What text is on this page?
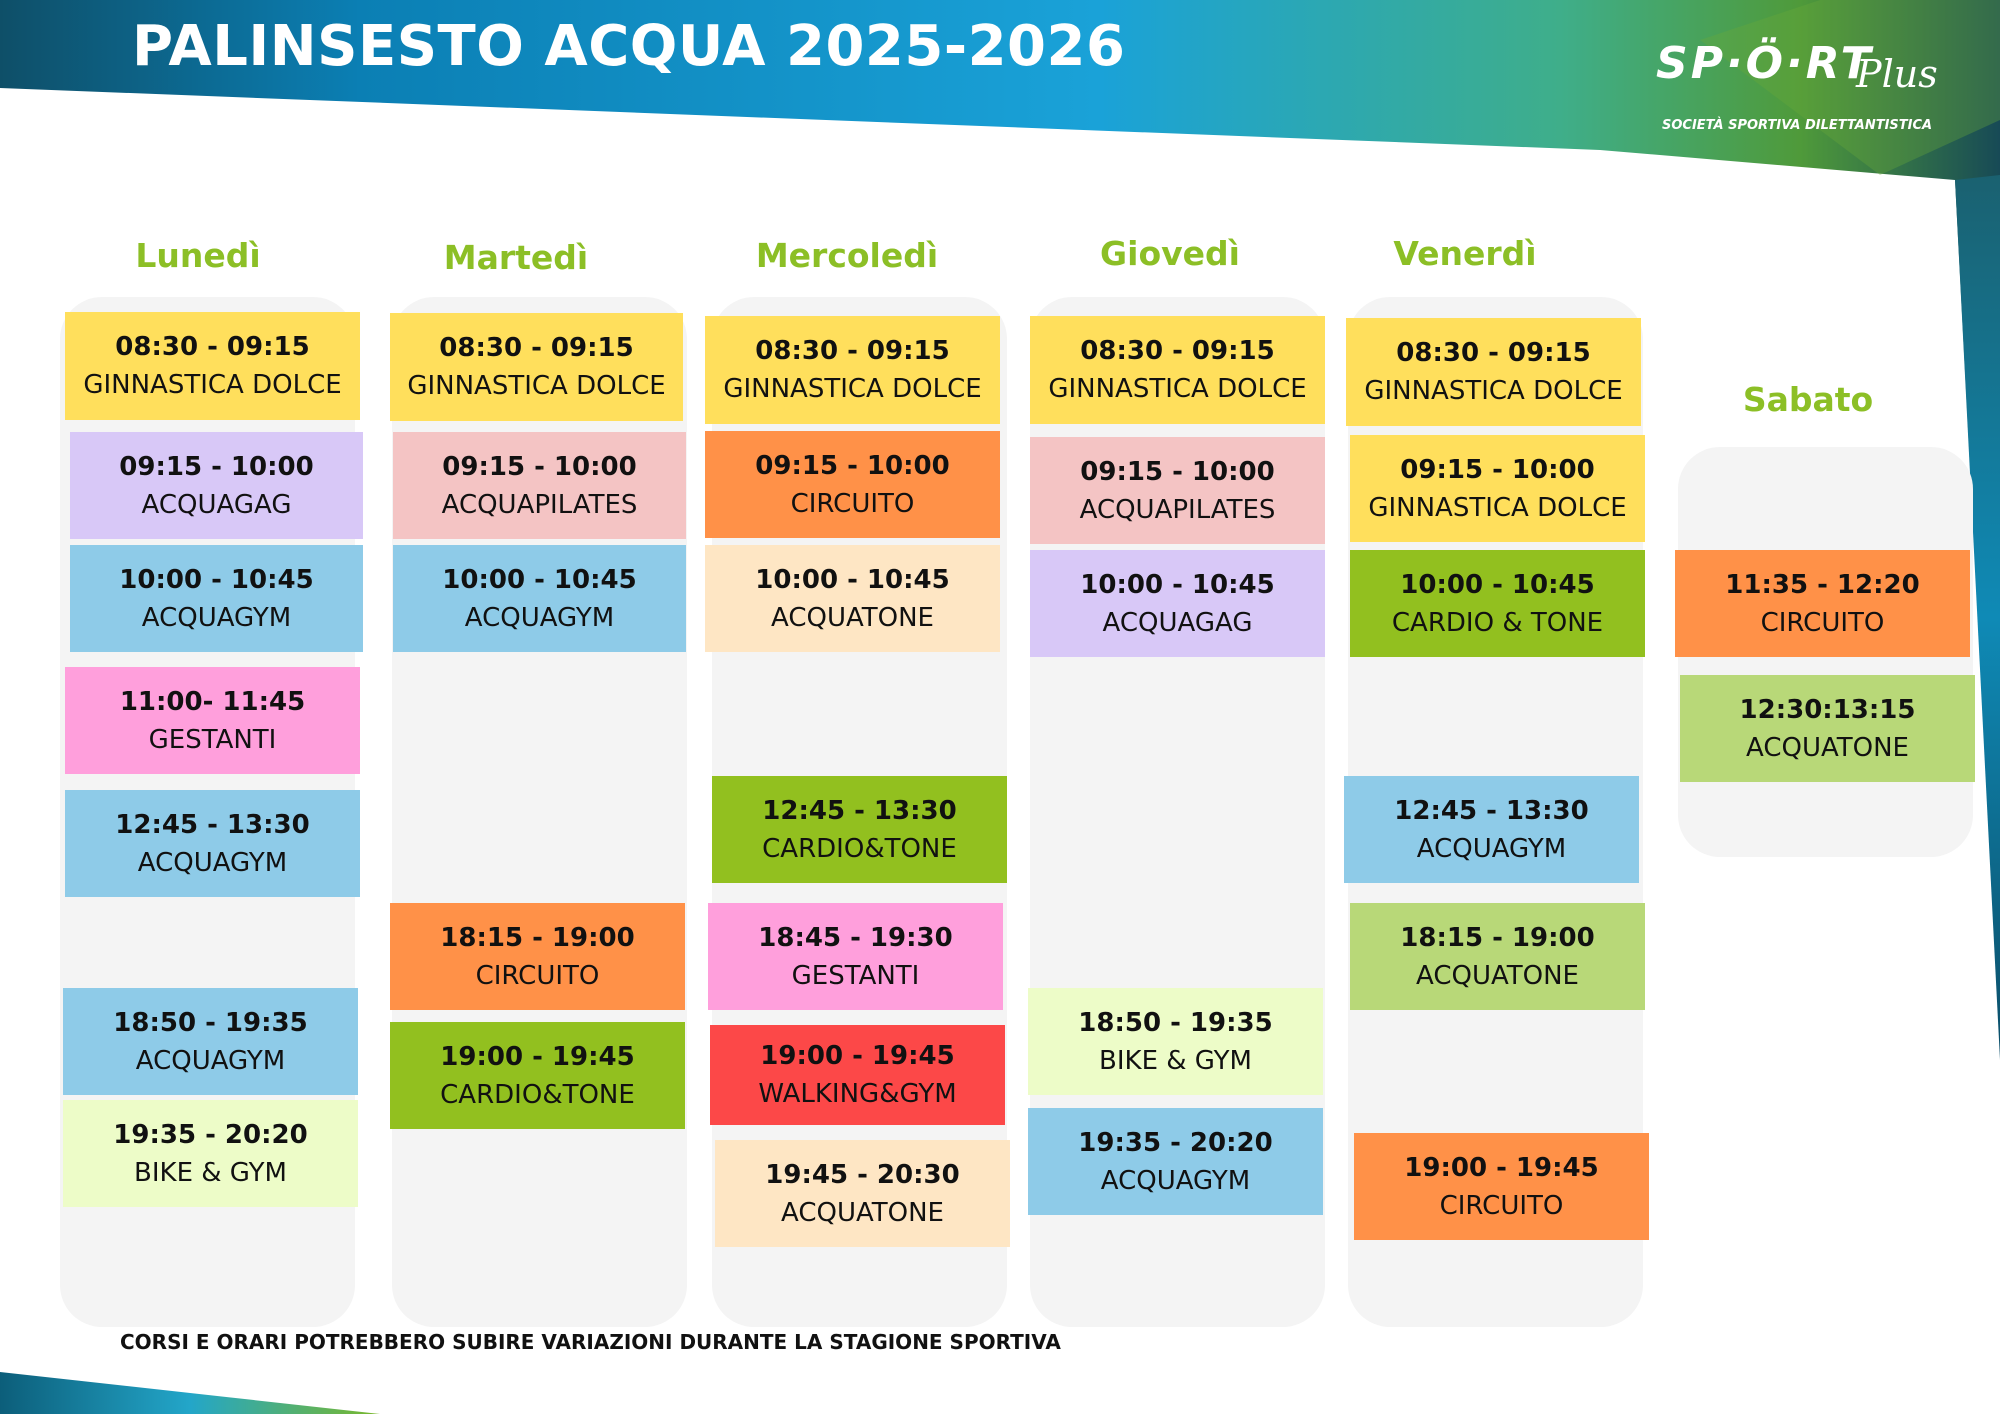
PALINSESTO ACQUA 2025-2026	SP·Ö·RT
Plus
SOCIETÀ SPORTIVA DILETTANTISTICA
Lunedì
08:30 - 09:15
GINNASTICA DOLCE
09:15 - 10:00
ACQUAGAG
10:00 - 10:45
ACQUAGYM
11:00- 11:45
GESTANTI
12:45 - 13:30
ACQUAGYM
18:50 - 19:35
ACQUAGYM
19:35 - 20:20
BIKE & GYM
Martedì
08:30 - 09:15
GINNASTICA DOLCE
09:15 - 10:00
ACQUAPILATES
10:00 - 10:45
ACQUAGYM
18:15 - 19:00
CIRCUITO
19:00 - 19:45
CARDIO&TONE
Mercoledì
08:30 - 09:15
GINNASTICA DOLCE
09:15 - 10:00
CIRCUITO
10:00 - 10:45
ACQUATONE
12:45 - 13:30
CARDIO&TONE
18:45 - 19:30
GESTANTI
19:00 - 19:45
WALKING&GYM
19:45 - 20:30
ACQUATONE
Giovedì
08:30 - 09:15
GINNASTICA DOLCE
09:15 - 10:00
ACQUAPILATES
10:00 - 10:45
ACQUAGAG
18:50 - 19:35
BIKE & GYM
19:35 - 20:20
ACQUAGYM
Venerdì
08:30 - 09:15
GINNASTICA DOLCE
09:15 - 10:00
GINNASTICA DOLCE
10:00 - 10:45
CARDIO & TONE
12:45 - 13:30
ACQUAGYM
18:15 - 19:00
ACQUATONE
19:00 - 19:45
CIRCUITO
Sabato
11:35 - 12:20
CIRCUITO
12:30:13:15
ACQUATONE
CORSI E ORARI POTREBBERO SUBIRE VARIAZIONI DURANTE LA STAGIONE SPORTIVA
